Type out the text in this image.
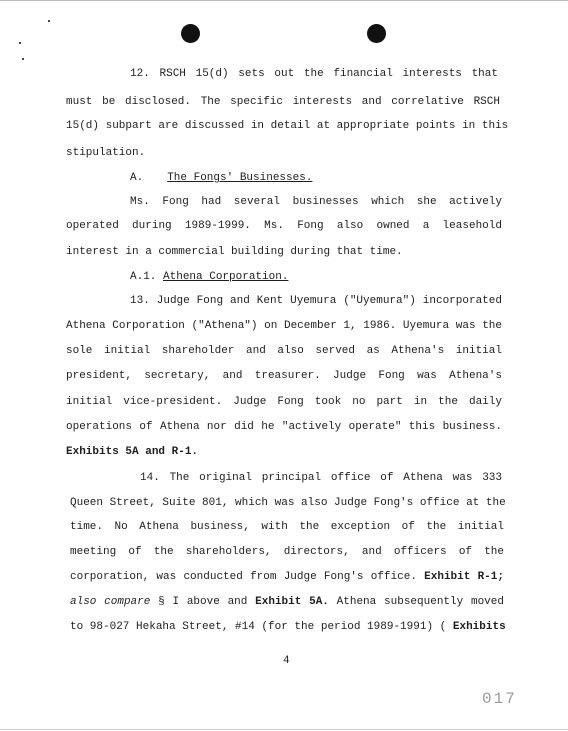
12. RSCH 15(d) sets out the financial interests that
must be disclosed. The specific interests and correlative RSCH
15(d) subpart are discussed in detail at appropriate points in this
stipulation.
A. The Fongs' Businesses.
Ms. Fong had several businesses which she actively
operated during 1989-1999. Ms. Fong also owned a leasehold
interest in a commercial building during that time.
A.1. Athena Corporation.
13. Judge Fong and Kent Uyemura ("Uyemura") incorporated
Athena Corporation ("Athena") on December 1, 1986. Uyemura was the
sole initial shareholder and also served as Athena's initial
president, secretary, and treasurer. Judge Fong was Athena's
initial vice-president. Judge Fong took no part in the daily
operations of Athena nor did he "actively operate" this business.
Exhibits 5A and R-1.
14. The original principal office of Athena was 333
Queen Street, Suite 801, which was also Judge Fong's office at the
time. No Athena business, with the exception of the initial
meeting of the shareholders, directors, and officers of the
corporation, was conducted from Judge Fong's office. Exhibit R-1;
also compare § I above and Exhibit 5A. Athena subsequently moved
to 98-027 Hekaha Street, #14 (for the period 1989-1991) ( Exhibits
4
017
